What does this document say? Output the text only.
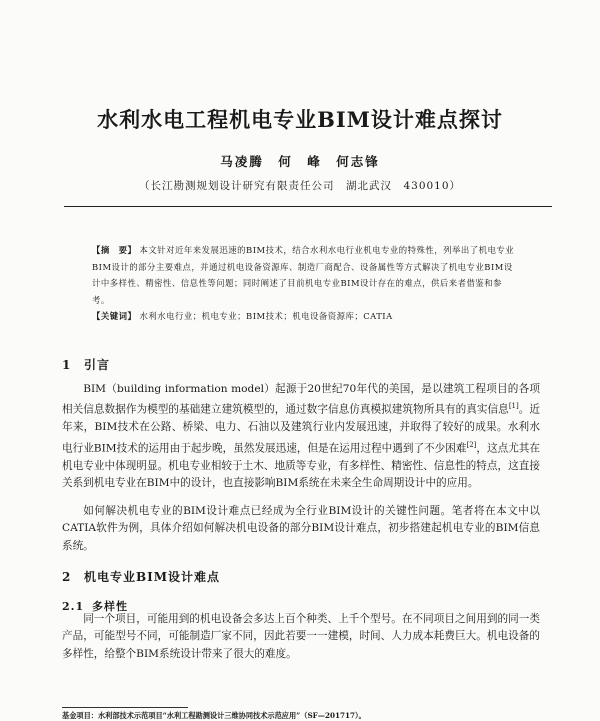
水利水电工程机电专业BIM设计难点探讨
马凌腾　何　峰　何志锋
（长江勘测规划设计研究有限责任公司　湖北武汉　430010）

【摘　要】 本文针对近年来发展迅速的BIM技术，结合水利水电行业机电专业的特殊性，列举出了机电专业BIM设计的部分主要难点，并通过机电设备资源库、制造厂商配合、设备属性等方式解决了机电专业BIM设计中多样性、精密性、信息性等问题；同时阐述了目前机电专业BIM设计存在的难点，供后来者借鉴和参考。

【关键词】 水利水电行业；机电专业；BIM技术；机电设备资源库；CATIA

1 引言

BIM（building information model）起源于20世纪70年代的美国，是以建筑工程项目的各项相关信息数据作为模型的基础建立建筑模型的，通过数字信息仿真模拟建筑物所具有的真实信息[1]。近年来，BIM技术在公路、桥梁、电力、石油以及建筑行业内发展迅速，并取得了较好的成果。水利水电行业BIM技术的运用由于起步晚，虽然发展迅速，但是在运用过程中遇到了不少困难[2]，这点尤其在机电专业中体现明显。机电专业相较于土木、地质等专业，有多样性、精密性、信息性的特点，这直接关系到机电专业在BIM中的设计，也直接影响BIM系统在未来全生命周期设计中的应用。

如何解决机电专业的BIM设计难点已经成为全行业BIM设计的关键性问题。笔者将在本文中以CATIA软件为例，具体介绍如何解决机电设备的部分BIM设计难点，初步搭建起机电专业的BIM信息系统。

2 机电专业BIM设计难点
2.1 多样性

同一个项目，可能用到的机电设备会多达上百个种类、上千个型号。在不同项目之间用到的同一类产品，可能型号不同，可能制造厂家不同，因此若要一一建模，时间、人力成本耗费巨大。机电设备的多样性，给整个BIM系统设计带来了很大的难度。

基金项目：水利部技术示范项目“水利工程勘测设计三维协同技术示范应用”（SF—201717）。
